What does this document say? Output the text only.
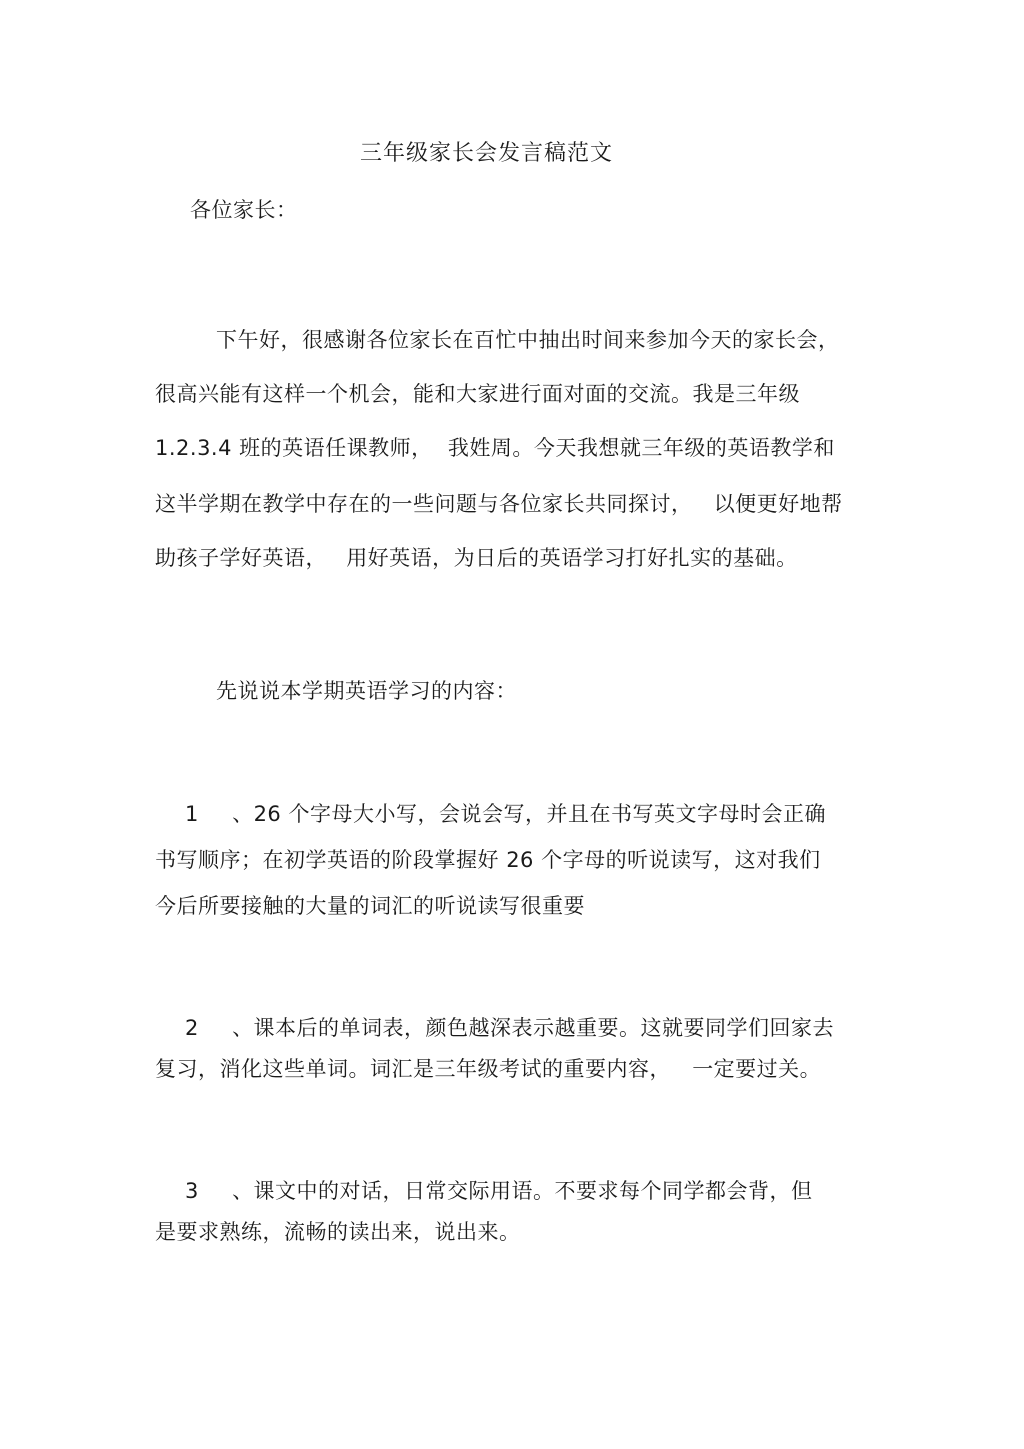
三年级家长会发言稿范文
各位家长：
下午好，很感谢各位家长在百忙中抽出时间来参加今天的家长会，
很高兴能有这样一个机会，能和大家进行面对面的交流。我是三年级
1.2.3.4 班的英语任课教师， 我姓周。今天我想就三年级的英语教学和
这半学期在教学中存在的一些问题与各位家长共同探讨， 以便更好地帮
助孩子学好英语， 用好英语，为日后的英语学习打好扎实的基础。
先说说本学期英语学习的内容：
1 、26 个字母大小写，会说会写，并且在书写英文字母时会正确
书写顺序；在初学英语的阶段掌握好 26 个字母的听说读写，这对我们
今后所要接触的大量的词汇的听说读写很重要
2 、课本后的单词表，颜色越深表示越重要。这就要同学们回家去
复习，消化这些单词。词汇是三年级考试的重要内容， 一定要过关。
3 、课文中的对话，日常交际用语。不要求每个同学都会背，但
是要求熟练，流畅的读出来，说出来。
